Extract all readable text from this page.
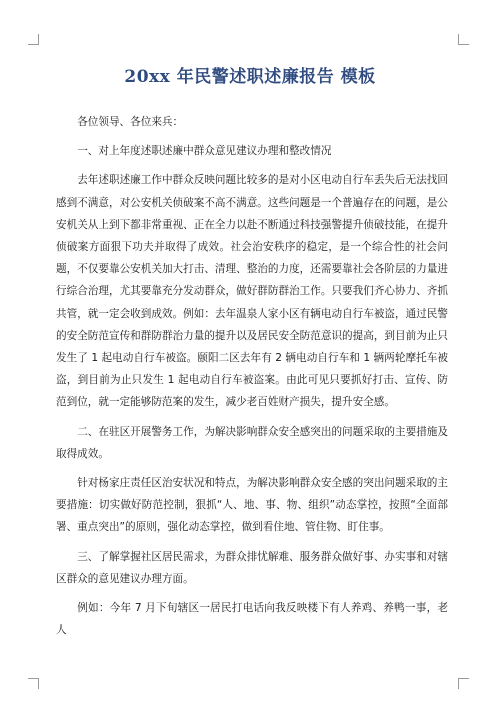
20xx 年民警述职述廉报告 模板

各位领导、各位来兵：

一、对上年度述职述廉中群众意见建议办理和整改情况

去年述职述廉工作中群众反映问题比较多的是对小区电动自行车丢失后无法找回感到不满意，对公安机关侦破案不高不满意。这些问题是一个普遍存在的问题，是公安机关从上到下都非常重视、正在全力以赴不断通过科技强警提升侦破技能，在提升侦破案方面狠下功夫并取得了成效。社会治安秩序的稳定，是一个综合性的社会问题，不仅要靠公安机关加大打击、清理、整治的力度，还需要靠社会各阶层的力量进行综合治理，尤其要靠充分发动群众，做好群防群治工作。只要我们齐心协力、齐抓共管，就一定会收到成效。例如：去年温泉人家小区有辆电动自行车被盗，通过民警的安全防范宣传和群防群治力量的提升以及居民安全防范意识的提高，到目前为止只发生了 1 起电动自行车被盗。颐阳二区去年有 2 辆电动自行车和 1 辆两轮摩托车被盗，到目前为止只发生 1 起电动自行车被盗案。由此可见只要抓好打击、宣传、防范到位，就一定能够防范案的发生，减少老百姓财产损失，提升安全感。

二、在驻区开展警务工作，为解决影响群众安全感突出的问题采取的主要措施及取得成效。

针对杨家庄责任区治安状况和特点，为解决影响群众安全感的突出问题采取的主要措施：切实做好防范控制，狠抓“人、地、事、物、组织”动态掌控，按照“全面部署、重点突出”的原则，强化动态掌控，做到看住地、管住物、盯住事。

三、了解掌握社区居民需求，为群众排忧解难、服务群众做好事、办实事和对辖区群众的意见建议办理方面。

例如：今年 7 月下旬辖区一居民打电话向我反映楼下有人养鸡、养鸭一事，老人
